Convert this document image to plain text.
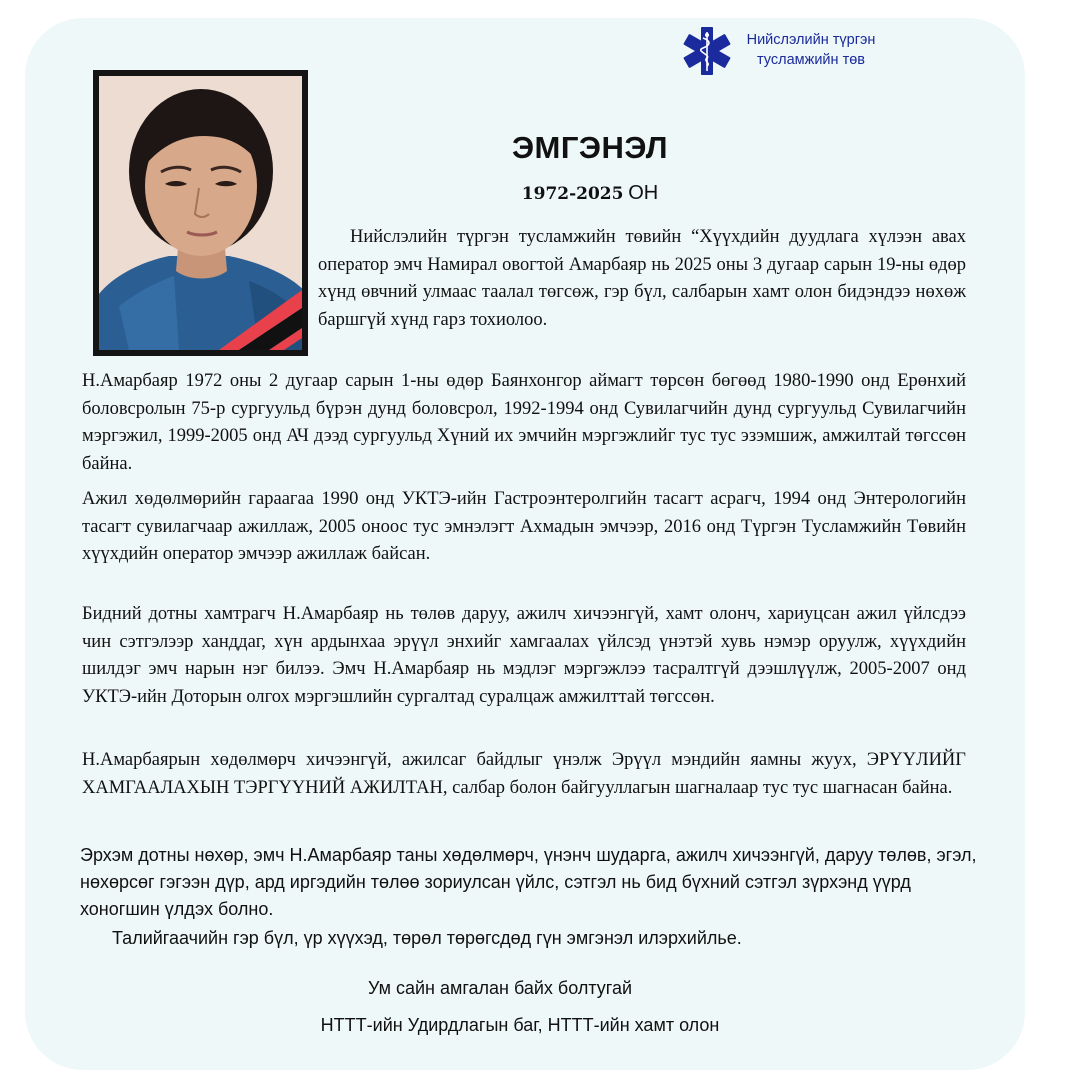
Нийслэлийн түргэн
тусламжийн төв
ЭМГЭНЭЛ
1972-2025 ОН

Нийслэлийн түргэн тусламжийн төвийн “Хүүхдийн дуудлага хүлээн авах оператор эмч Намирал овогтой Амарбаяр нь 2025 оны 3 дугаар сарын 19-ны өдөр хүнд өвчний улмаас таалал төгсөж, гэр бүл, салбарын хамт олон бидэндээ нөхөж баршгүй хүнд гарз тохиолоо.

Н.Амарбаяр 1972 оны 2 дугаар сарын 1-ны өдөр Баянхонгор аймагт төрсөн бөгөөд 1980-1990 онд Ерөнхий боловсролын 75-р сургуульд бүрэн дунд боловсрол, 1992-1994 онд Сувилагчийн дунд сургуульд Сувилагчийн мэргэжил, 1999-2005 онд АЧ дээд сургуульд Хүний их эмчийн мэргэжлийг тус тус эзэмшиж, амжилтай төгссөн байна.

Ажил хөдөлмөрийн гараагаа 1990 онд УКТЭ-ийн Гастроэнтеролгийн тасагт асрагч, 1994 онд Энтерологийн тасагт сувилагчаар ажиллаж, 2005 оноос тус эмнэлэгт Ахмадын эмчээр, 2016 онд Түргэн Тусламжийн Төвийн хүүхдийн оператор эмчээр ажиллаж байсан.

Бидний дотны хамтрагч Н.Амарбаяр нь төлөв даруу, ажилч хичээнгүй, хамт олонч, хариуцсан ажил үйлсдээ чин сэтгэлээр ханддаг, хүн ардынхаа эрүүл энхийг хамгаалах үйлсэд үнэтэй хувь нэмэр оруулж, хүүхдийн шилдэг эмч нарын нэг билээ. Эмч Н.Амарбаяр нь мэдлэг мэргэжлээ тасралтгүй дээшлүүлж, 2005-2007 онд УКТЭ-ийн Доторын олгох мэргэшлийн сургалтад суралцаж амжилттай төгссөн.

Н.Амарбаярын хөдөлмөрч хичээнгүй, ажилсаг байдлыг үнэлж Эрүүл мэндийн яамны жуух, ЭРҮҮЛИЙГ ХАМГААЛАХЫН ТЭРГҮҮНИЙ АЖИЛТАН, салбар болон байгууллагын шагналаар тус тус шагнасан байна.

Эрхэм дотны нөхөр, эмч Н.Амарбаяр таны хөдөлмөрч, үнэнч шударга, ажилч хичээнгүй, даруу төлөв, эгэл, нөхөрсөг гэгээн дүр, ард иргэдийн төлөө зориулсан үйлс, сэтгэл нь бид бүхний сэтгэл зүрхэнд үүрд хоногшин үлдэх болно.

Талийгаачийн гэр бүл, үр хүүхэд, төрөл төрөгсдөд гүн эмгэнэл илэрхийлье.

Ум сайн амгалан байх болтугай
НТТТ-ийн Удирдлагын баг, НТТТ-ийн хамт олон
